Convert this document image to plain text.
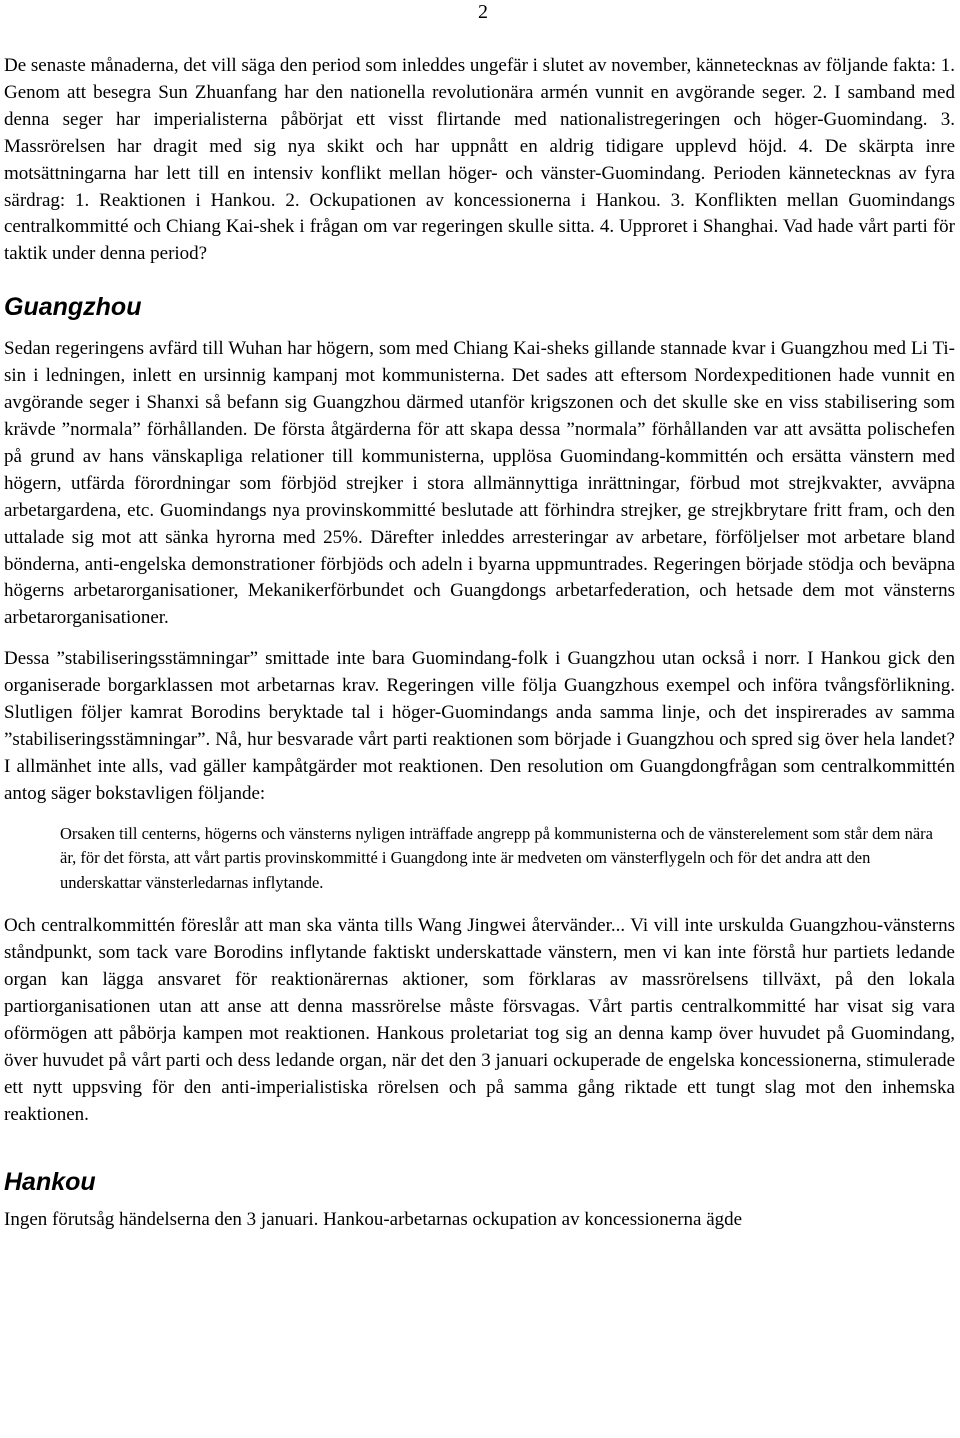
2

De senaste månaderna, det vill säga den period som inleddes ungefär i slutet av november, kännetecknas av följande fakta: 1. Genom att besegra Sun Zhuanfang har den nationella revolutionära armén vunnit en avgörande seger. 2. I samband med denna seger har imperialisterna påbörjat ett visst flirtande med nationalistregeringen och höger-Guomindang. 3. Massrörelsen har dragit med sig nya skikt och har uppnått en aldrig tidigare upplevd höjd. 4. De skärpta inre motsättningarna har lett till en intensiv konflikt mellan höger- och vänster-Guomindang. Perioden kännetecknas av fyra särdrag: 1. Reaktionen i Hankou. 2. Ockupationen av koncessionerna i Hankou. 3. Konflikten mellan Guomindangs centralkommitté och Chiang Kai-shek i frågan om var regeringen skulle sitta. 4. Upproret i Shanghai. Vad hade vårt parti för taktik under denna period?

Guangzhou

Sedan regeringens avfärd till Wuhan har högern, som med Chiang Kai-sheks gillande stannade kvar i Guangzhou med Li Ti-sin i ledningen, inlett en ursinnig kampanj mot kommunisterna. Det sades att eftersom Nordexpeditionen hade vunnit en avgörande seger i Shanxi så befann sig Guangzhou därmed utanför krigszonen och det skulle ske en viss stabilisering som krävde ”normala” förhållanden. De första åtgärderna för att skapa dessa ”normala” förhållanden var att avsätta polischefen på grund av hans vänskapliga relationer till kommunisterna, upplösa Guomindang-kommittén och ersätta vänstern med högern, utfärda förordningar som förbjöd strejker i stora allmännyttiga inrättningar, förbud mot strejkvakter, avväpna arbetargardena, etc. Guomindangs nya provinskommitté beslutade att förhindra strejker, ge strejkbrytare fritt fram, och den uttalade sig mot att sänka hyrorna med 25%. Därefter inleddes arresteringar av arbetare, förföljelser mot arbetare bland bönderna, anti-engelska demonstrationer förbjöds och adeln i byarna uppmuntrades. Regeringen började stödja och beväpna högerns arbetarorganisationer, Mekanikerförbundet och Guangdongs arbetarfederation, och hetsade dem mot vänsterns arbetarorganisationer.

Dessa ”stabiliseringsstämningar” smittade inte bara Guomindang-folk i Guangzhou utan också i norr. I Hankou gick den organiserade borgarklassen mot arbetarnas krav. Regeringen ville följa Guangzhous exempel och införa tvångsförlikning. Slutligen följer kamrat Borodins beryktade tal i höger-Guomindangs anda samma linje, och det inspirerades av samma ”stabiliseringsstämningar”. Nå, hur besvarade vårt parti reaktionen som började i Guangzhou och spred sig över hela landet? I allmänhet inte alls, vad gäller kampåtgärder mot reaktionen. Den resolution om Guangdongfrågan som centralkommittén antog säger bokstavligen följande:

Orsaken till centerns, högerns och vänsterns nyligen inträffade angrepp på kommunisterna och de vänsterelement som står dem nära är, för det första, att vårt partis provinskommitté i Guangdong inte är medveten om vänsterflygeln och för det andra att den underskattar vänsterledarnas inflytande.

Och centralkommittén föreslår att man ska vänta tills Wang Jingwei återvänder... Vi vill inte urskulda Guangzhou-vänsterns ståndpunkt, som tack vare Borodins inflytande faktiskt underskattade vänstern, men vi kan inte förstå hur partiets ledande organ kan lägga ansvaret för reaktionärernas aktioner, som förklaras av massrörelsens tillväxt, på den lokala partiorganisationen utan att anse att denna massrörelse måste försvagas. Vårt partis centralkommitté har visat sig vara oförmögen att påbörja kampen mot reaktionen. Hankous proletariat tog sig an denna kamp över huvudet på Guomindang, över huvudet på vårt parti och dess ledande organ, när det den 3 januari ockuperade de engelska koncessionerna, stimulerade ett nytt uppsving för den anti-imperialistiska rörelsen och på samma gång riktade ett tungt slag mot den inhemska reaktionen.

Hankou

Ingen förutsåg händelserna den 3 januari. Hankou-arbetarnas ockupation av koncessionerna ägde
